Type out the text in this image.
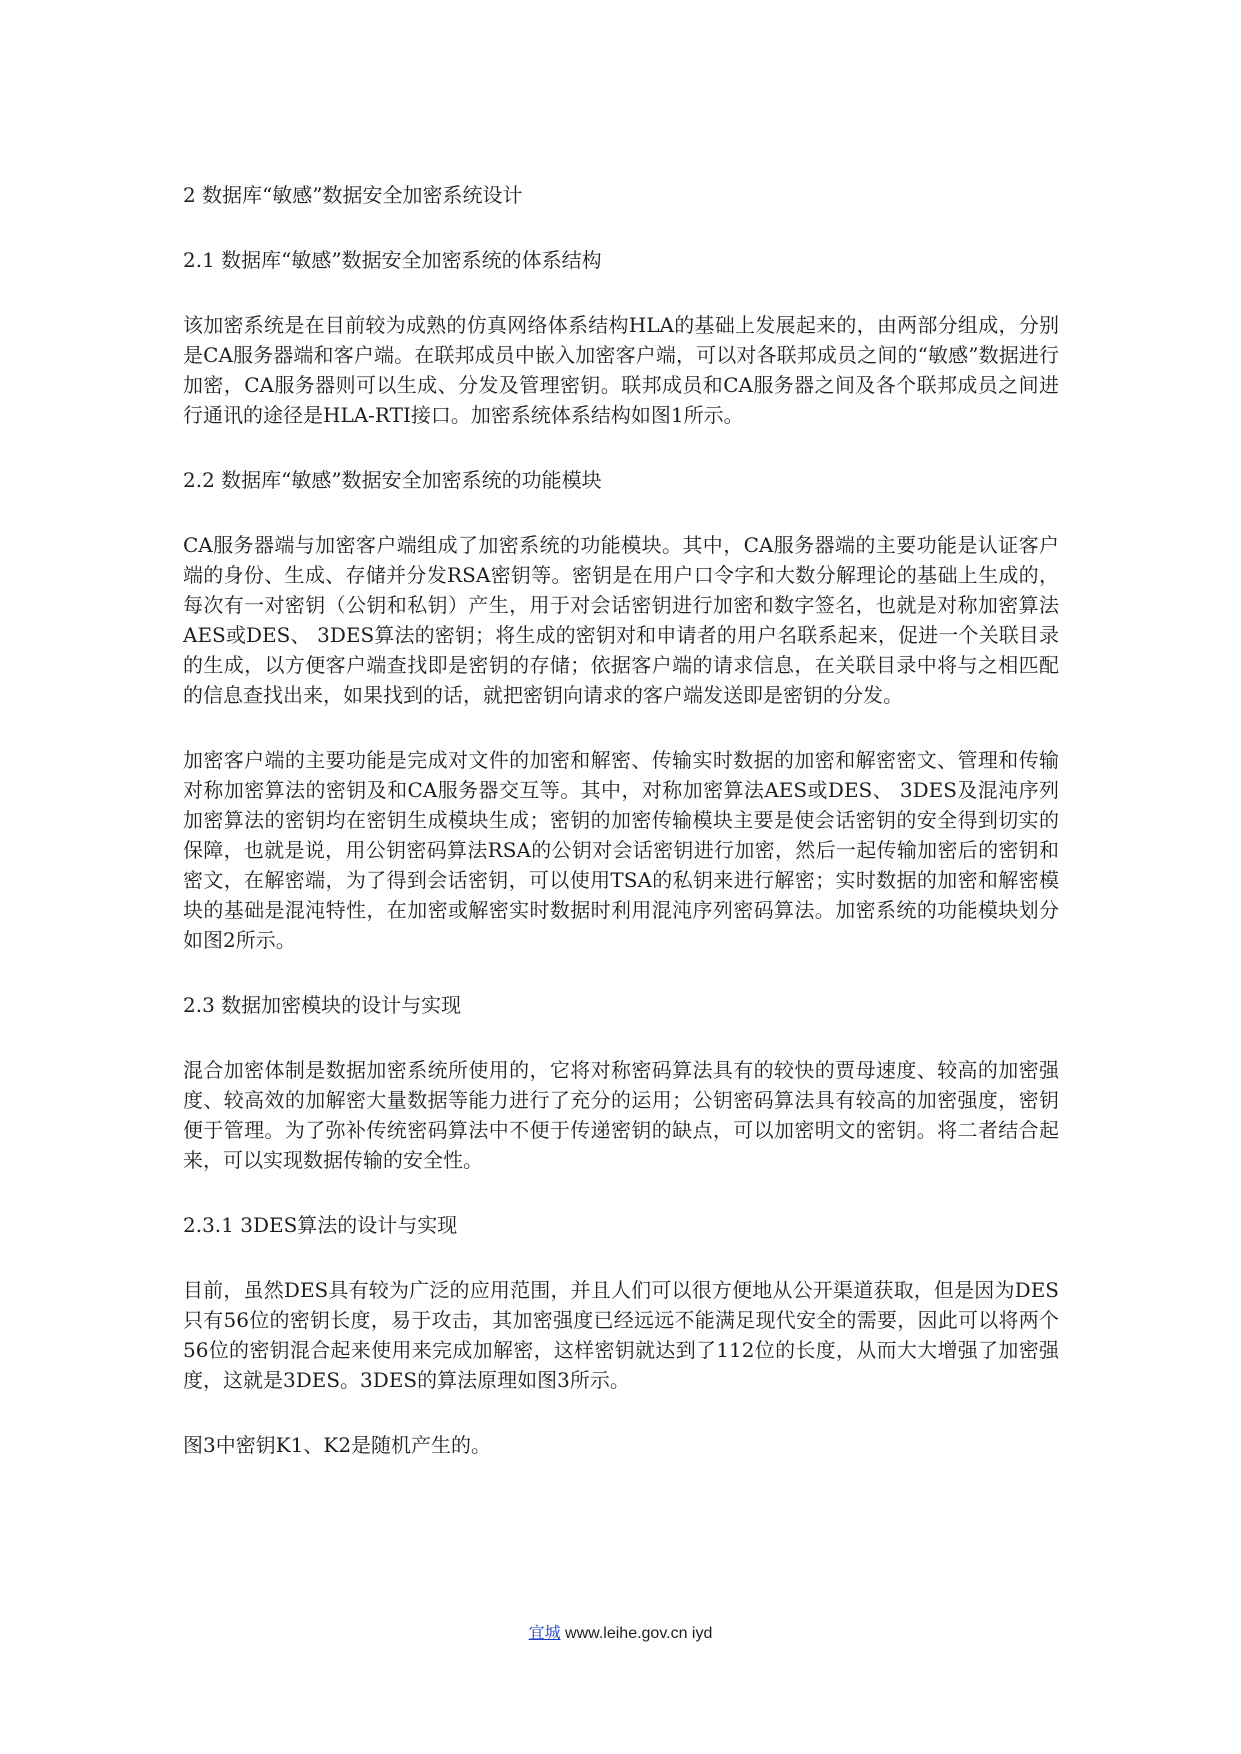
2 数据库“敏感”数据安全加密系统设计
2.1 数据库“敏感”数据安全加密系统的体系结构

该加密系统是在目前较为成熟的仿真网络体系结构HLA的基础上发展起来的，由两部分组成，分别是CA服务器端和客户端。在联邦成员中嵌入加密客户端，可以对各联邦成员之间的“敏感”数据进行加密，CA服务器则可以生成、分发及管理密钥。联邦成员和CA服务器之间及各个联邦成员之间进行通讯的途径是HLA-RTI接口。加密系统体系结构如图1所示。

2.2 数据库“敏感”数据安全加密系统的功能模块

CA服务器端与加密客户端组成了加密系统的功能模块。其中，CA服务器端的主要功能是认证客户端的身份、生成、存储并分发RSA密钥等。密钥是在用户口令字和大数分解理论的基础上生成的，每次有一对密钥（公钥和私钥）产生，用于对会话密钥进行加密和数字签名，也就是对称加密算法AES或DES、 3DES算法的密钥；将生成的密钥对和申请者的用户名联系起来，促进一个关联目录的生成，以方便客户端查找即是密钥的存储；依据客户端的请求信息，在关联目录中将与之相匹配的信息查找出来，如果找到的话，就把密钥向请求的客户端发送即是密钥的分发。

加密客户端的主要功能是完成对文件的加密和解密、传输实时数据的加密和解密密文、管理和传输对称加密算法的密钥及和CA服务器交互等。其中，对称加密算法AES或DES、 3DES及混沌序列加密算法的密钥均在密钥生成模块生成；密钥的加密传输模块主要是使会话密钥的安全得到切实的保障，也就是说，用公钥密码算法RSA的公钥对会话密钥进行加密，然后一起传输加密后的密钥和密文，在解密端，为了得到会话密钥，可以使用TSA的私钥来进行解密；实时数据的加密和解密模块的基础是混沌特性，在加密或解密实时数据时利用混沌序列密码算法。加密系统的功能模块划分如图2所示。

2.3 数据加密模块的设计与实现

混合加密体制是数据加密系统所使用的，它将对称密码算法具有的较快的贾母速度、较高的加密强度、较高效的加解密大量数据等能力进行了充分的运用；公钥密码算法具有较高的加密强度，密钥便于管理。为了弥补传统密码算法中不便于传递密钥的缺点，可以加密明文的密钥。将二者结合起来，可以实现数据传输的安全性。

2.3.1 3DES算法的设计与实现

目前，虽然DES具有较为广泛的应用范围，并且人们可以很方便地从公开渠道获取，但是因为DES只有56位的密钥长度，易于攻击，其加密强度已经远远不能满足现代安全的需要，因此可以将两个56位的密钥混合起来使用来完成加解密，这样密钥就达到了112位的长度，从而大大增强了加密强度，这就是3DES。3DES的算法原理如图3所示。

图3中密钥K1、K2是随机产生的。

宜城 www.leihe.gov.cn iyd
